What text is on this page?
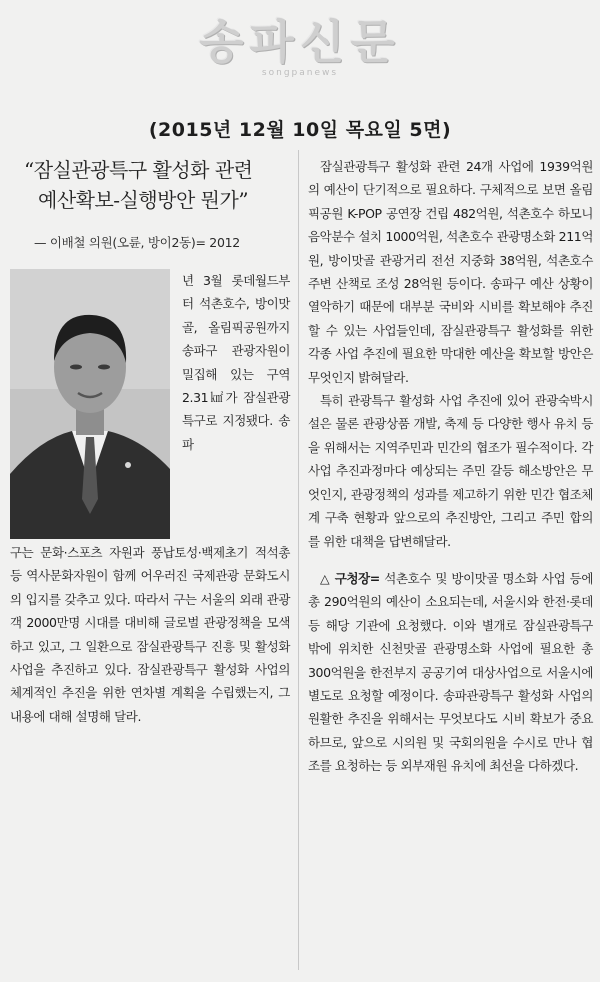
송파신문
songpanews
(2015년 12월 10일 목요일 5면)
“잠실관광특구 활성화 관련
예산확보-실행방안 뭔가”
— 이배철 의원(오륜, 방이2동)= 2012
년 3월 롯데월드부터 석촌호수, 방이맛골, 올림픽공원까지 송파구 관광자원이 밀집해 있는 구역 2.31㎢가 잠실관광특구로 지정됐다. 송파

구는 문화·스포츠 자원과 풍납토성·백제초기 적석총 등 역사문화자원이 함께 어우러진 국제관광 문화도시의 입지를 갖추고 있다. 따라서 구는 서울의 외래 관광객 2000만명 시대를 대비해 글로벌 관광정책을 모색하고 있고, 그 일환으로 잠실관광특구 진흥 및 활성화사업을 추진하고 있다. 잠실관광특구 활성화 사업의 체계적인 추진을 위한 연차별 계획을 수립했는지, 그 내용에 대해 설명해 달라.

잠실관광특구 활성화 관련 24개 사업에 1939억원의 예산이 단기적으로 필요하다. 구체적으로 보면 올림픽공원 K-POP 공연장 건립 482억원, 석촌호수 하모니 음악분수 설치 1000억원, 석촌호수 관광명소화 211억원, 방이맛골 관광거리 전선 지중화 38억원, 석촌호수 주변 산책로 조성 28억원 등이다. 송파구 예산 상황이 열악하기 때문에 대부분 국비와 시비를 확보해야 추진할 수 있는 사업들인데, 잠실관광특구 활성화를 위한 각종 사업 추진에 필요한 막대한 예산을 확보할 방안은 무엇인지 밝혀달라.

특히 관광특구 활성화 사업 추진에 있어 관광숙박시설은 물론 관광상품 개발, 축제 등 다양한 행사 유치 등을 위해서는 지역주민과 민간의 협조가 필수적이다. 각 사업 추진과정마다 예상되는 주민 갈등 해소방안은 무엇인지, 관광정책의 성과를 제고하기 위한 민간 협조체계 구축 현황과 앞으로의 추진방안, 그리고 주민 합의를 위한 대책을 답변해달라.

△ 구청장= 석촌호수 및 방이맛골 명소화 사업 등에 총 290억원의 예산이 소요되는데, 서울시와 한전·롯데 등 해당 기관에 요청했다. 이와 별개로 잠실관광특구 밖에 위치한 신천맛골 관광명소화 사업에 필요한 총 300억원을 한전부지 공공기여 대상사업으로 서울시에 별도로 요청할 예정이다. 송파관광특구 활성화 사업의 원활한 추진을 위해서는 무엇보다도 시비 확보가 중요하므로, 앞으로 시의원 및 국회의원을 수시로 만나 협조를 요청하는 등 외부재원 유치에 최선을 다하겠다.
